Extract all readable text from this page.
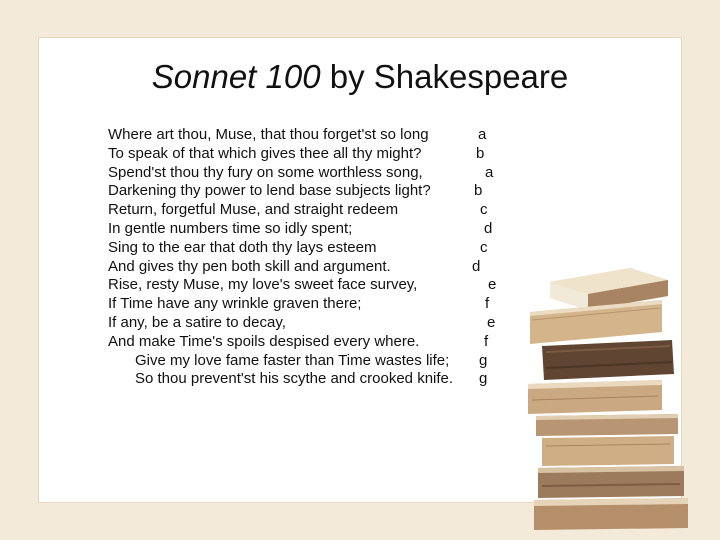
Sonnet 100 by Shakespeare
Where art thou, Muse, that thou forget'st so long	a
To speak of that which gives thee all thy might?	b
Spend'st thou thy fury on some worthless song,	a
Darkening thy power to lend base subjects light?	b
Return, forgetful Muse, and straight redeem	c
In gentle numbers time so idly spent;	d
Sing to the ear that doth thy lays esteem	c
And gives thy pen both skill and argument.	d
Rise, resty Muse, my love's sweet face survey,	e
If Time have any wrinkle graven there;	f
If any, be a satire to decay,	e
And make Time's spoils despised every where.	f
Give my love fame faster than Time wastes life; g
So thou prevent'st his scythe and crooked knife. g
